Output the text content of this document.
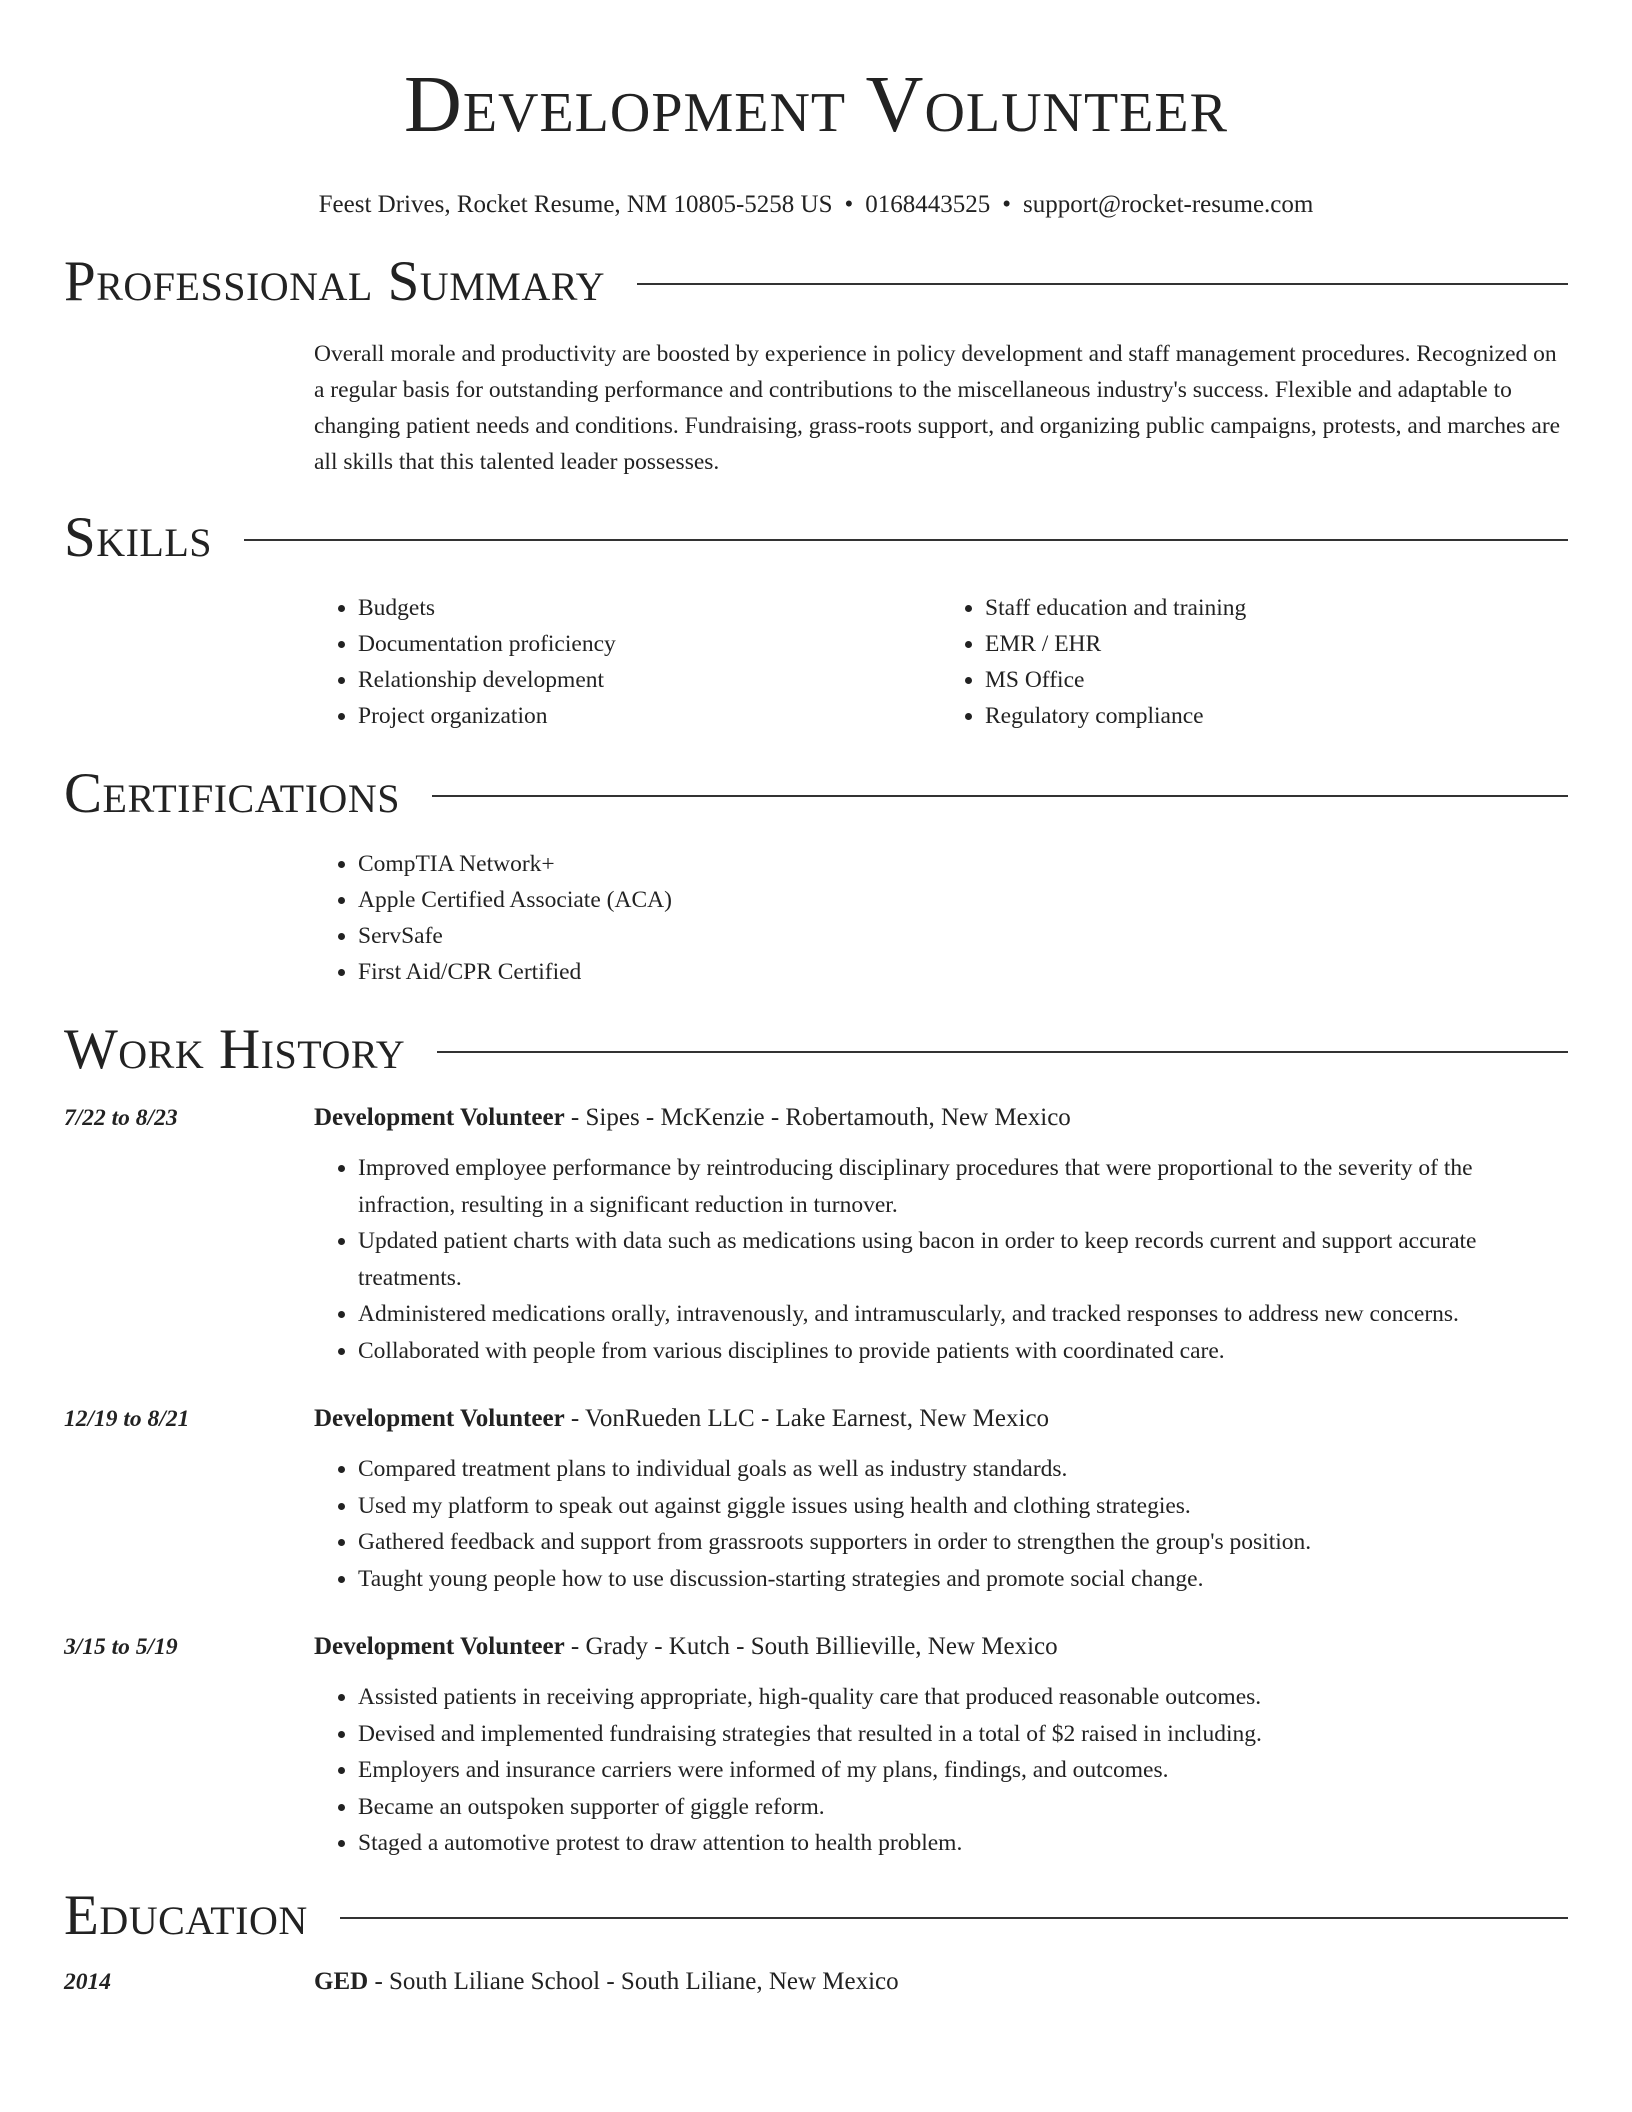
Development Volunteer
Feest Drives, Rocket Resume, NM 10805-5258 US • 0168443525 • support@rocket-resume.com
Professional Summary

Overall morale and productivity are boosted by experience in policy development and staff management procedures. Recognized on a regular basis for outstanding performance and contributions to the miscellaneous industry's success. Flexible and adaptable to changing patient needs and conditions. Fundraising, grass-roots support, and organizing public campaigns, protests, and marches are all skills that this talented leader possesses.

Skills
• Budgets
• Documentation proficiency
• Relationship development
• Project organization
• Staff education and training
• EMR / EHR
• MS Office
• Regulatory compliance
Certifications
• CompTIA Network+
• Apple Certified Associate (ACA)
• ServSafe
• First Aid/CPR Certified
Work History
7/22 to 8/23	Development Volunteer - Sipes - McKenzie - Robertamouth, New Mexico
• Improved employee performance by reintroducing disciplinary procedures that were proportional to the severity of the infraction, resulting in a significant reduction in turnover.
• Updated patient charts with data such as medications using bacon in order to keep records current and support accurate treatments.
• Administered medications orally, intravenously, and intramuscularly, and tracked responses to address new concerns.
• Collaborated with people from various disciplines to provide patients with coordinated care.
12/19 to 8/21	Development Volunteer - VonRueden LLC - Lake Earnest, New Mexico
• Compared treatment plans to individual goals as well as industry standards.
• Used my platform to speak out against giggle issues using health and clothing strategies.
• Gathered feedback and support from grassroots supporters in order to strengthen the group's position.
• Taught young people how to use discussion-starting strategies and promote social change.
3/15 to 5/19	Development Volunteer - Grady - Kutch - South Billieville, New Mexico
• Assisted patients in receiving appropriate, high-quality care that produced reasonable outcomes.
• Devised and implemented fundraising strategies that resulted in a total of $2 raised in including.
• Employers and insurance carriers were informed of my plans, findings, and outcomes.
• Became an outspoken supporter of giggle reform.
• Staged a automotive protest to draw attention to health problem.
Education
2014	GED - South Liliane School - South Liliane, New Mexico
